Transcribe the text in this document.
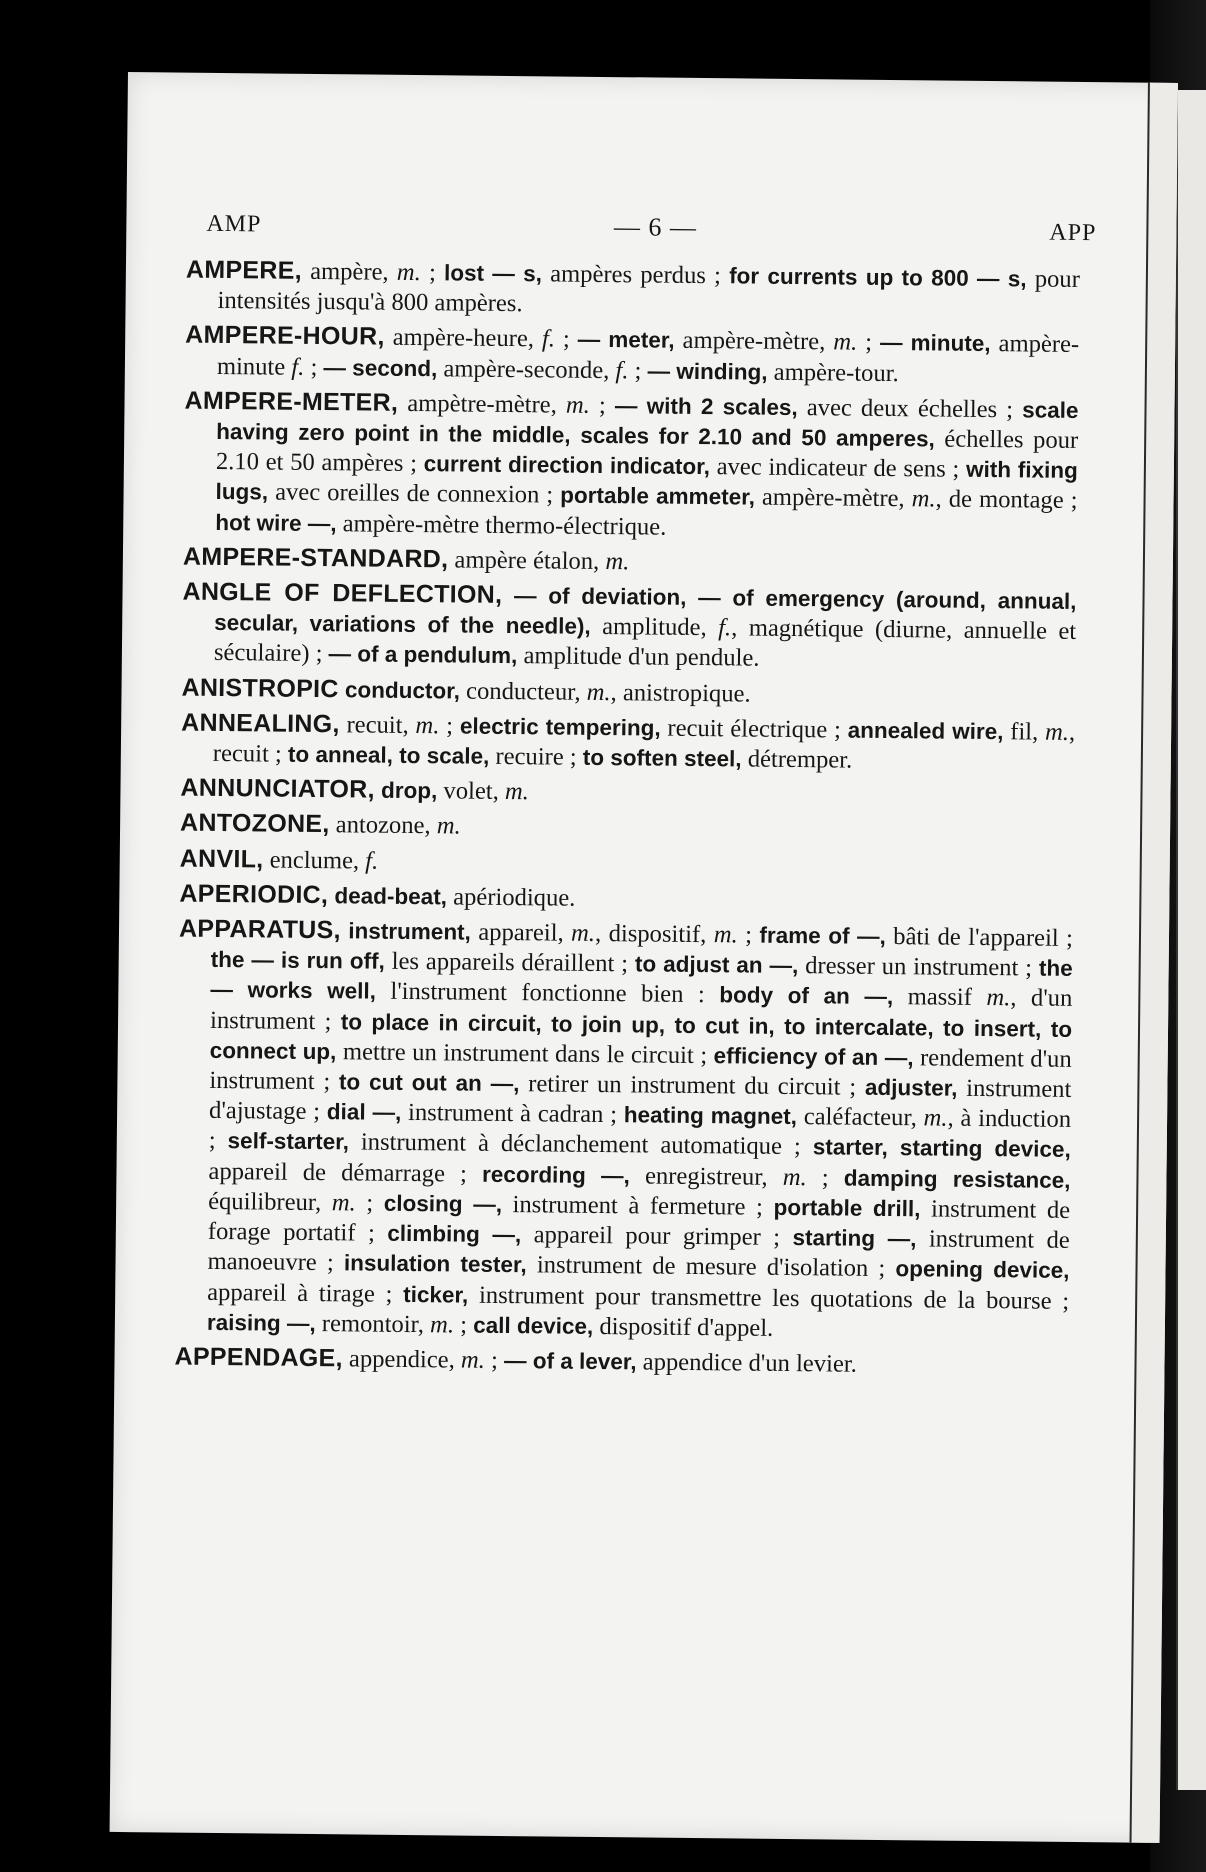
AMP	— 6 —	APP

AMPERE, ampère, m. ; lost — s, ampères perdus ; for currents up to 800 — s, pour intensités jusqu'à 800 ampères.

AMPERE-HOUR, ampère-heure, f. ; — meter, ampère-mètre, m. ; — minute, ampère-minute f. ; — second, ampère-seconde, f. ; — winding, ampère-tour.

AMPERE-METER, ampètre-mètre, m. ; — with 2 scales, avec deux échelles ; scale having zero point in the middle, scales for 2.10 and 50 amperes, échelles pour 2.10 et 50 ampères ; current direction indicator, avec indicateur de sens ; with fixing lugs, avec oreilles de connexion ; portable ammeter, ampère-mètre, m., de montage ; hot wire —, ampère-mètre thermo-électrique.

AMPERE-STANDARD, ampère étalon, m.

ANGLE OF DEFLECTION, — of deviation, — of emergency (around, annual, secular, variations of the needle), amplitude, f., magnétique (diurne, annuelle et séculaire) ; — of a pendulum, amplitude d'un pendule.

ANISTROPIC conductor, conducteur, m., anistropique.

ANNEALING, recuit, m. ; electric tempering, recuit électrique ; annealed wire, fil, m., recuit ; to anneal, to scale, recuire ; to soften steel, détremper.

ANNUNCIATOR, drop, volet, m.

ANTOZONE, antozone, m.

ANVIL, enclume, f.

APERIODIC, dead-beat, apériodique.

APPARATUS, instrument, appareil, m., dispositif, m. ; frame of —, bâti de l'appareil ; the — is run off, les appareils déraillent ; to adjust an —, dresser un instrument ; the — works well, l'instrument fonctionne bien : body of an —, massif m., d'un instrument ; to place in circuit, to join up, to cut in, to intercalate, to insert, to connect up, mettre un instrument dans le circuit ; efficiency of an —, rendement d'un instrument ; to cut out an —, retirer un instrument du circuit ; adjuster, instrument d'ajustage ; dial —, instrument à cadran ; heating magnet, caléfacteur, m., à induction ; self-starter, instrument à déclanchement automatique ; starter, starting device, appareil de démarrage ; recording —, enregistreur, m. ; damping resistance, équilibreur, m. ; closing —, instrument à fermeture ; portable drill, instrument de forage portatif ; climbing —, appareil pour grimper ; starting —, instrument de manoeuvre ; insulation tester, instrument de mesure d'isolation ; opening device, appareil à tirage ; ticker, instrument pour transmettre les quotations de la bourse ; raising —, remontoir, m. ; call device, dispositif d'appel.

APPENDAGE, appendice, m. ; — of a lever, appendice d'un levier.
